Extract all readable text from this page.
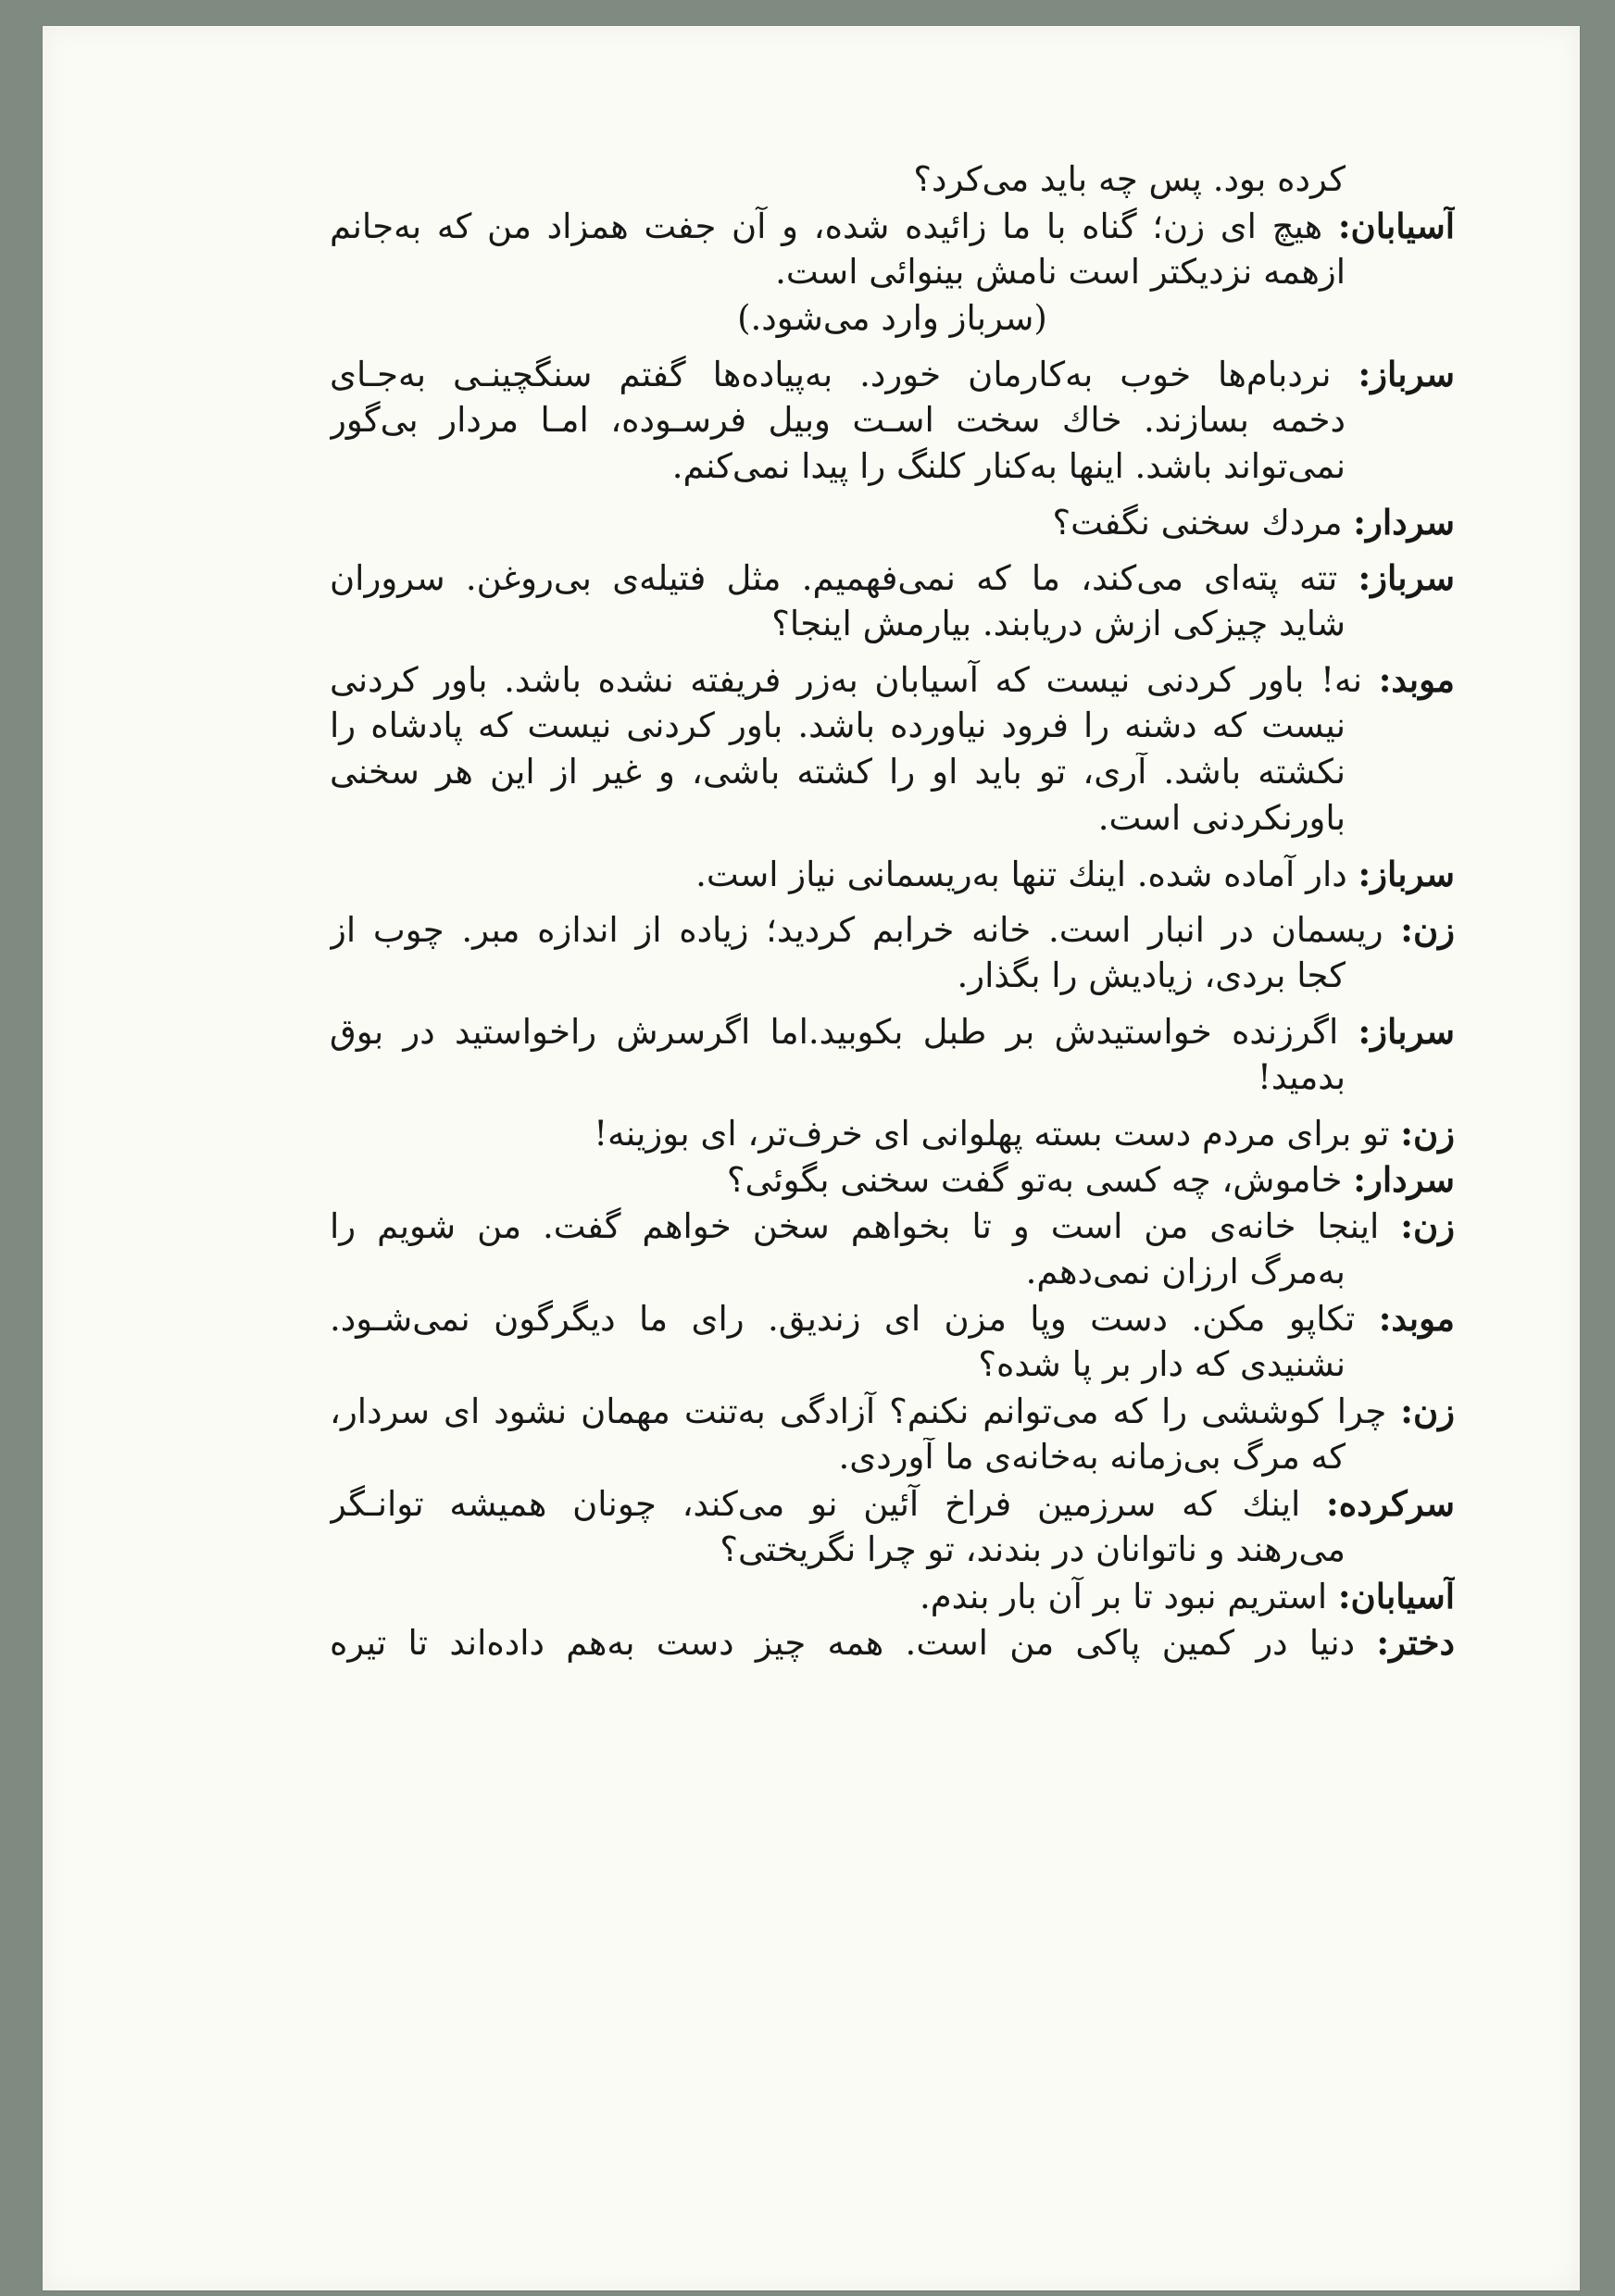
کرده بود. پس چه باید می‌کرد؟
آسیابان: هیچ ای زن؛ گناه با ما زائیده شده، و آن جفت همزاد من که به‌جانم
ازهمه نزدیکتر است نامش بینوائی است.
(سرباز وارد می‌شود.)
سرباز: نردبام‌ها خوب به‌کارمان خورد. به‌پیاده‌ها گفتم سنگچینـی به‌جـای
دخمه بسازند. خاك سخت اسـت وبیل فرسـوده، امـا مردار بی‌گور
نمی‌تواند باشد. اینها به‌کنار کلنگ را پیدا نمی‌کنم.
سردار: مردك سخنی نگفت؟
سرباز: تته پته‌ای می‌کند، ما که نمی‌فهمیم. مثل فتیله‌ی بی‌روغن. سروران
شاید چیزکی ازش دریابند. بیارمش اینجا؟
موبد: نه! باور کردنی نیست که آسیابان به‌زر فریفته نشده باشد. باور کردنی
نیست که دشنه را فرود نیاورده باشد. باور کردنی نیست که پادشاه را
نکشته باشد. آری، تو باید او را کشته باشی، و غیر از این هر سخنی
باورنکردنی است.
سرباز: دار آماده شده. اینك تنها به‌ریسمانی نیاز است.
زن: ریسمان در انبار است. خانه خرابم کردید؛ زیاده از اندازه مبر. چوب از
کجا بردی، زیادیش را بگذار.
سرباز: اگرزنده خواستیدش بر طبل بکوبید.اما اگرسرش راخواستید در بوق
بدمید!
زن: تو برای مردم دست بسته پهلوانی ای خرف‌تر، ای بوزینه!
سردار: خاموش، چه کسی به‌تو گفت سخنی بگوئی؟
زن: اینجا خانه‌ی من است و تا بخواهم سخن خواهم گفت. من شویم را
به‌مرگ ارزان نمی‌دهم.
موبد: تکاپو مکن. دست وپا مزن ای زندیق. رای ما دیگرگون نمی‌شـود.
نشنیدی که دار بر پا شده؟
زن: چرا کوششی را که می‌توانم نکنم؟ آزادگی به‌تنت مهمان نشود ای سردار،
که مرگ بی‌زمانه به‌خانه‌ی ما آوردی.
سرکرده: اینك که سرزمین فراخ آئین نو می‌کند، چونان همیشه توانـگر
می‌رهند و ناتوانان در بندند، تو چرا نگریختی؟
آسیابان: استریم نبود تا بر آن بار بندم.
دختر: دنیا در کمین پاکی من است. همه چیز دست به‌هم داده‌اند تا تیره
